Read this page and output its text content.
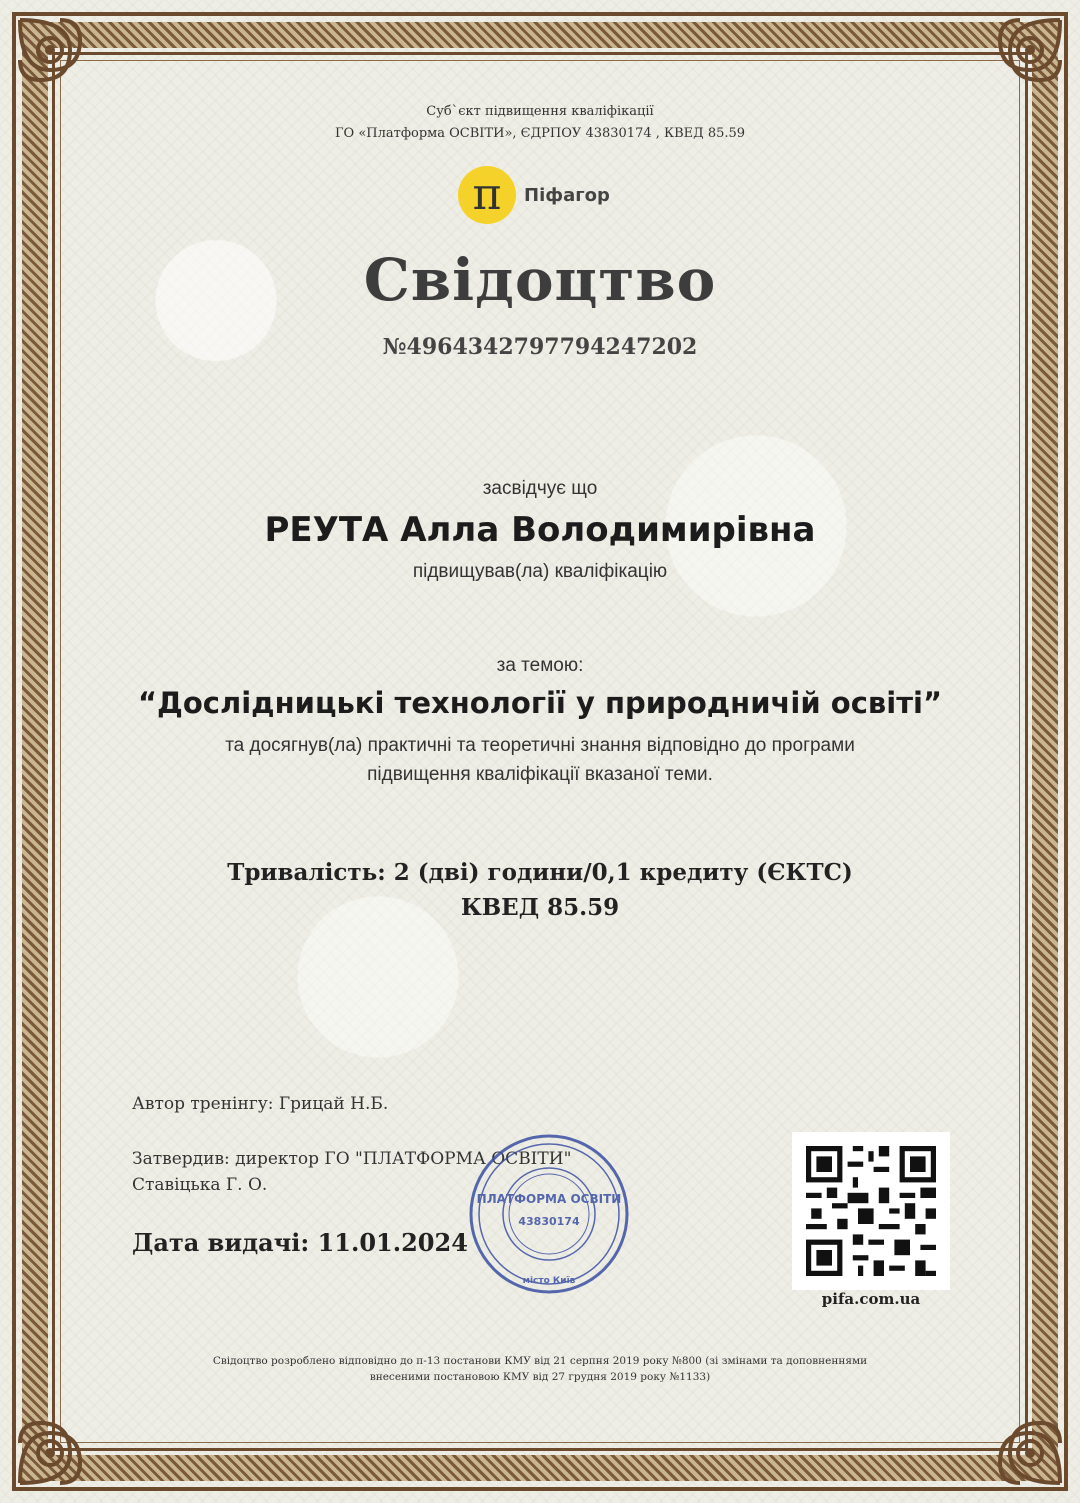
Суб`єкт підвищення кваліфікації
ГО «Платформа ОСВІТИ», ЄДРПОУ 43830174 , КВЕД 85.59
π	Піфагор
Свідоцтво
№4964342797794247202
засвідчує що
РЕУТА Алла Володимирівна
підвищував(ла) кваліфікацію
за темою:
“Дослідницькі технології у природничій освіті”
та досягнув(ла) практичні та теоретичні знання відповідно до програми
підвищення кваліфікації вказаної теми.
Тривалість: 2 (дві) години/0,1 кредиту (ЄКТС)
КВЕД 85.59
Автор тренінгу: Грицай Н.Б.
Затвердив: директор ГО "ПЛАТФОРМА ОСВІТИ"
Ставіцька Г. О.
Дата видачі: 11.01.2024
ПЛАТФОРМА ОСВІТИ
43830174
місто Київ
pifa.com.ua
Свідоцтво розроблено відповідно до п-13 постанови КМУ від 21 серпня 2019 року №800 (зі змінами та доповненнями
внесеними постановою КМУ від 27 грудня 2019 року №1133)
